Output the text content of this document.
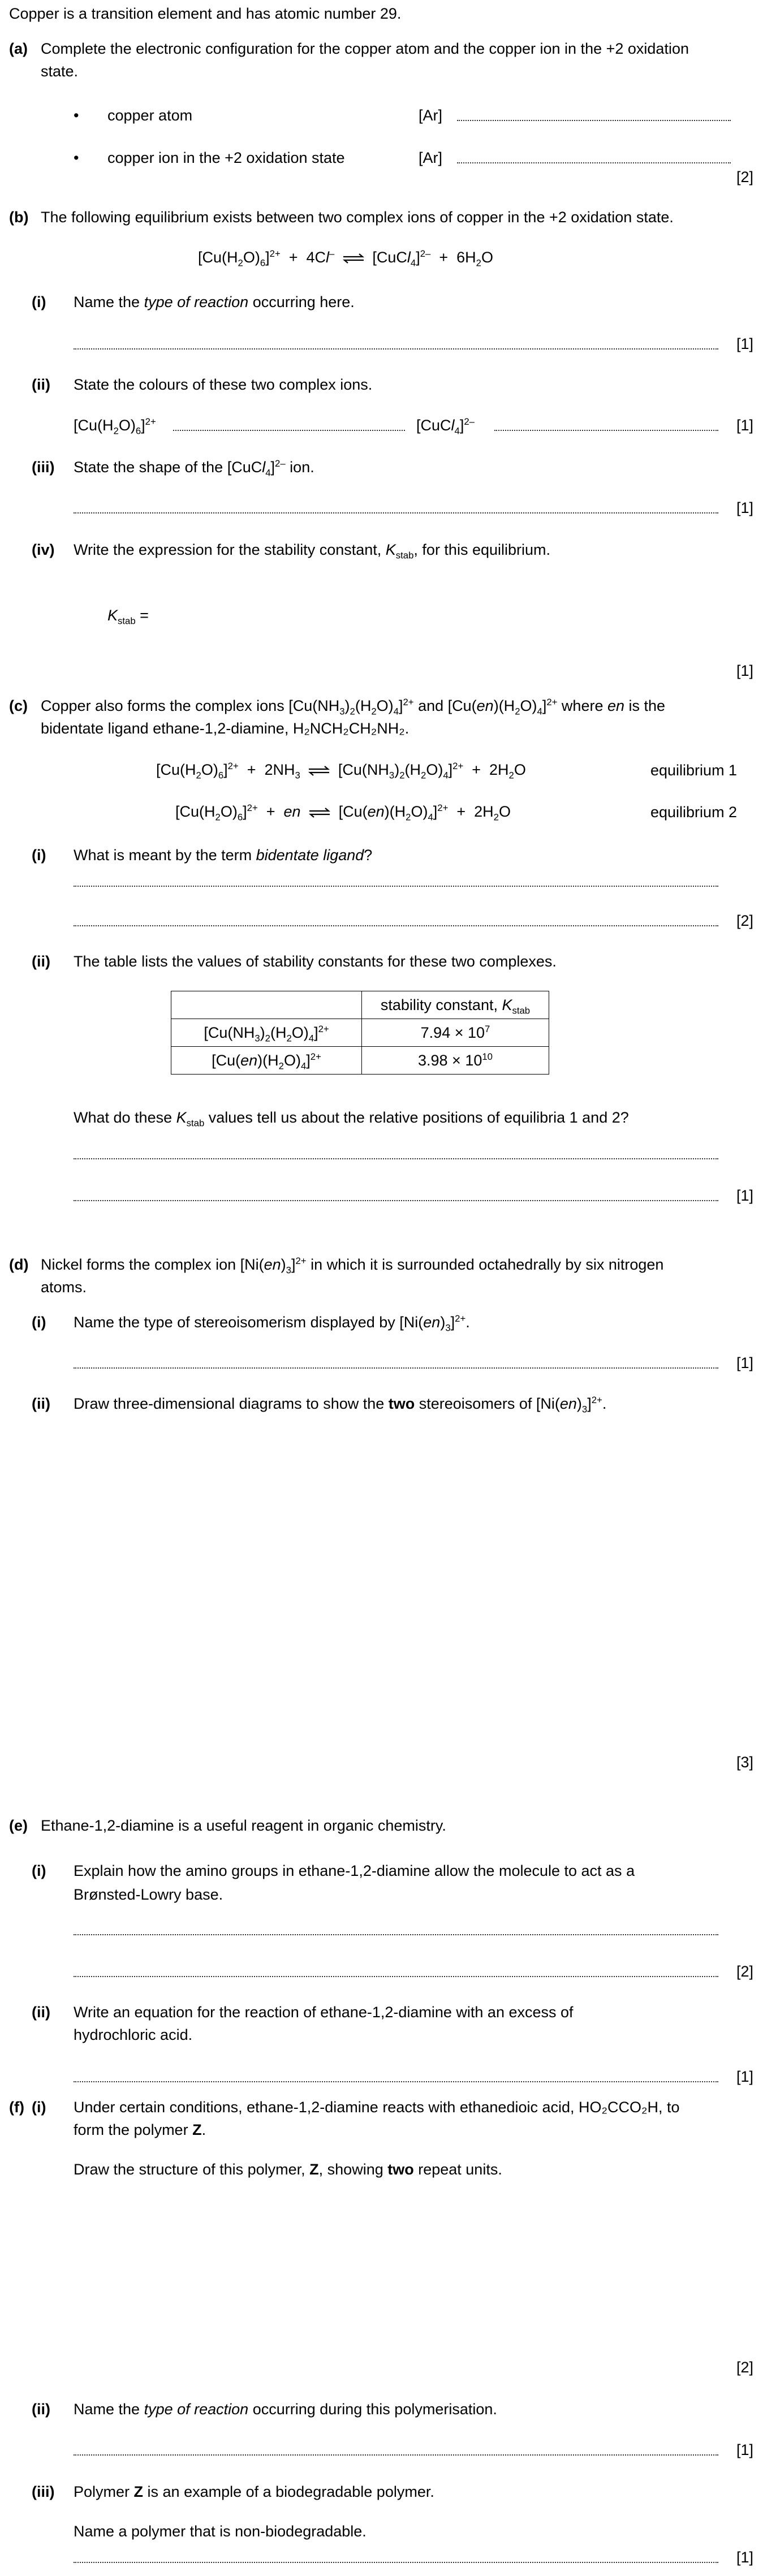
Copper is a transition element and has atomic number 29.
(a) Complete the electronic configuration for the copper atom and the copper ion in the +2 oxidation
state.
• copper atom	[Ar]
• copper ion in the +2 oxidation state	[Ar]
[2]
(b) The following equilibrium exists between two complex ions of copper in the +2 oxidation state.
$[Cu(H_2O)_6]^{2+} + 4Cl^-$ ⇌ [CuCl$_4$]$^{2-}$  +  $6H_2O$
(i) Name the type of reaction occurring here.
[1]
(ii) State the colours of these two complex ions.
$[Cu(H_2O)_6]^{2+}$	[CuCl$_4$]$^{2-}$	[1]
(iii) State the shape of the [CuCl$_4$]$^{2-}$ ion.
[1]
(iv) Write the expression for the stability constant, $K_{stab}$, for this equilibrium.
$K_{stab}$ =
[1]
(c) Copper also forms the complex ions $[Cu(NH_3)_2(H_2O)_4]^{2+}$ and $[Cu(en)(H_2O)_4]^{2+}$ where en is the
bidentate ligand ethane-1,2-diamine, H₂NCH₂CH₂NH₂.
$[Cu(H_2O)_6]^{2+} + 2NH_3$ ⇌ $[Cu(NH_3)_2(H_2O)_4]^{2+} + 2H_2O$	equilibrium 1
$[Cu(H_2O)_6]^{2+}$  +  en ⇌ $[Cu(en)(H_2O)_4]^{2+} + 2H_2O$	equilibrium 2
(i) What is meant by the term bidentate ligand?
[2]
(ii) The table lists the values of stability constants for these two complexes.
	stability constant, $K_{stab}$
$[Cu(NH_3)_2(H_2O)_4]^{2+}$	$7.94 \times 10^7$
$[Cu(en)(H_2O)_4]^{2+}$	$3.98 \times 10^{10}$
What do these $K_{stab}$ values tell us about the relative positions of equilibria 1 and 2?
[1]
(d) Nickel forms the complex ion $[Ni(en)_3]^{2+}$ in which it is surrounded octahedrally by six nitrogen
atoms.
(i) Name the type of stereoisomerism displayed by $[Ni(en)_3]^{2+}$.
[1]
(ii) Draw three-dimensional diagrams to show the two stereoisomers of $[Ni(en)_3]^{2+}$.
[3]
(e) Ethane-1,2-diamine is a useful reagent in organic chemistry.
(i) Explain how the amino groups in ethane-1,2-diamine allow the molecule to act as a
Brønsted-Lowry base.
[2]
(ii) Write an equation for the reaction of ethane-1,2-diamine with an excess of
hydrochloric acid.
[1]
(f) (i) Under certain conditions, ethane-1,2-diamine reacts with ethanedioic acid, HO₂CCO₂H, to
form the polymer Z.
Draw the structure of this polymer, Z, showing two repeat units.
[2]
(ii) Name the type of reaction occurring during this polymerisation.
[1]
(iii) Polymer Z is an example of a biodegradable polymer.
Name a polymer that is non-biodegradable.
[1]
